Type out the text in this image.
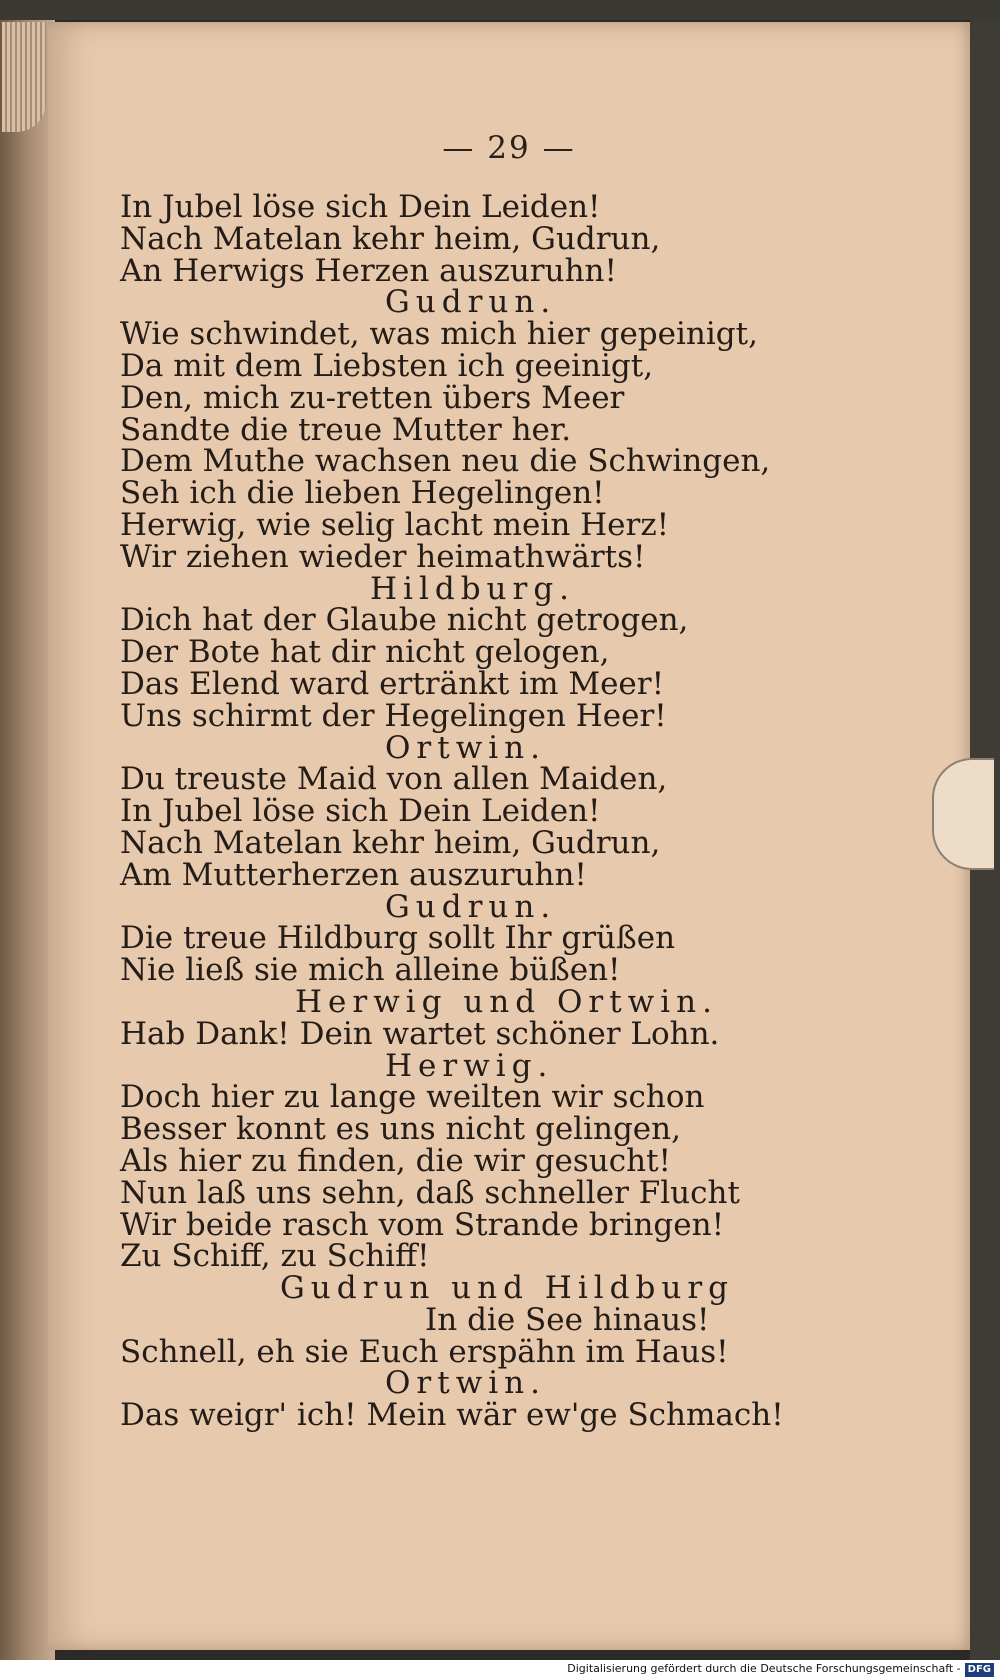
— 29 —
In Jubel löse sich Dein Leiden!
Nach Matelan kehr heim, Gudrun,
An Herwigs Herzen auszuruhn!
Gudrun.
Wie schwindet, was mich hier gepeinigt,
Da mit dem Liebsten ich geeinigt,
Den, mich zu-retten übers Meer
Sandte die treue Mutter her.
Dem Muthe wachsen neu die Schwingen,
Seh ich die lieben Hegelingen!
Herwig, wie selig lacht mein Herz!
Wir ziehen wieder heimathwärts!
Hildburg.
Dich hat der Glaube nicht getrogen,
Der Bote hat dir nicht gelogen,
Das Elend ward ertränkt im Meer!
Uns schirmt der Hegelingen Heer!
Ortwin.
Du treuste Maid von allen Maiden,
In Jubel löse sich Dein Leiden!
Nach Matelan kehr heim, Gudrun,
Am Mutterherzen auszuruhn!
Gudrun.
Die treue Hildburg sollt Ihr grüßen
Nie ließ sie mich alleine büßen!
Herwig und Ortwin.
Hab Dank! Dein wartet schöner Lohn.
Herwig.
Doch hier zu lange weilten wir schon
Besser konnt es uns nicht gelingen,
Als hier zu finden, die wir gesucht!
Nun laß uns sehn, daß schneller Flucht
Wir beide rasch vom Strande bringen!
Zu Schiff, zu Schiff!
Gudrun und Hildburg
In die See hinaus!
Schnell, eh sie Euch erspähn im Haus!
Ortwin.
Das weigr' ich! Mein wär ew'ge Schmach!
Digitalisierung gefördert durch die Deutsche Forschungsgemeinschaft - DFG
